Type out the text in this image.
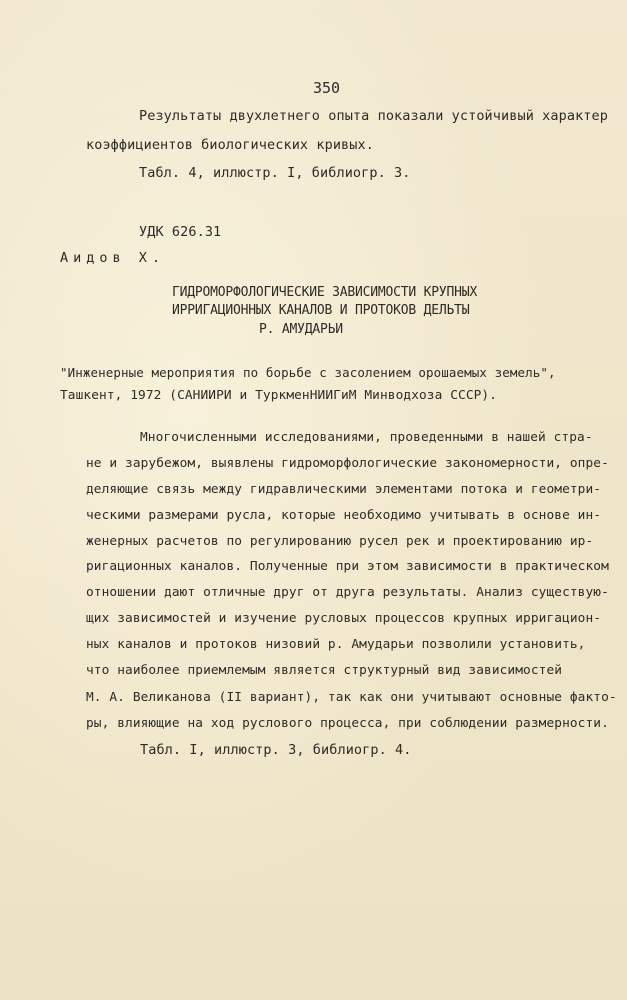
350
Результаты двухлетнего опыта показали устойчивый характер
коэффициентов биологических кривых.
Табл. 4, иллюстр. I, библиогр. 3.
УДК 626.31
Аидов Х.
ГИДРОМОРФОЛОГИЧЕСКИЕ ЗАВИСИМОСТИ КРУПНЫХ
ИРРИГАЦИОННЫХ КАНАЛОВ И ПРОТОКОВ ДЕЛЬТЫ
Р. АМУДАРЬИ
"Инженерные мероприятия по борьбе с засолением орошаемых земель",
Ташкент, 1972 (САНИИРИ и ТуркменНИИГиМ Минводхоза СССР).
Многочисленными исследованиями, проведенными в нашей стра-
не и зарубежом, выявлены гидроморфологические закономерности, опре-
деляющие связь между гидравлическими элементами потока и геометри-
ческими размерами русла, которые необходимо учитывать в основе ин-
женерных расчетов по регулированию русел рек и проектированию ир-
ригационных каналов. Полученные при этом зависимости в практическом
отношении дают отличные друг от друга результаты. Анализ существую-
щих зависимостей и изучение русловых процессов крупных ирригацион-
ных каналов и протоков низовий р. Амударьи позволили установить,
что наиболее приемлемым является структурный вид зависимостей
М. А. Великанова (II вариант), так как они учитывают основные факто-
ры, влияющие на ход руслового процесса, при соблюдении размерности.
Табл. I, иллюстр. 3, библиогр. 4.
